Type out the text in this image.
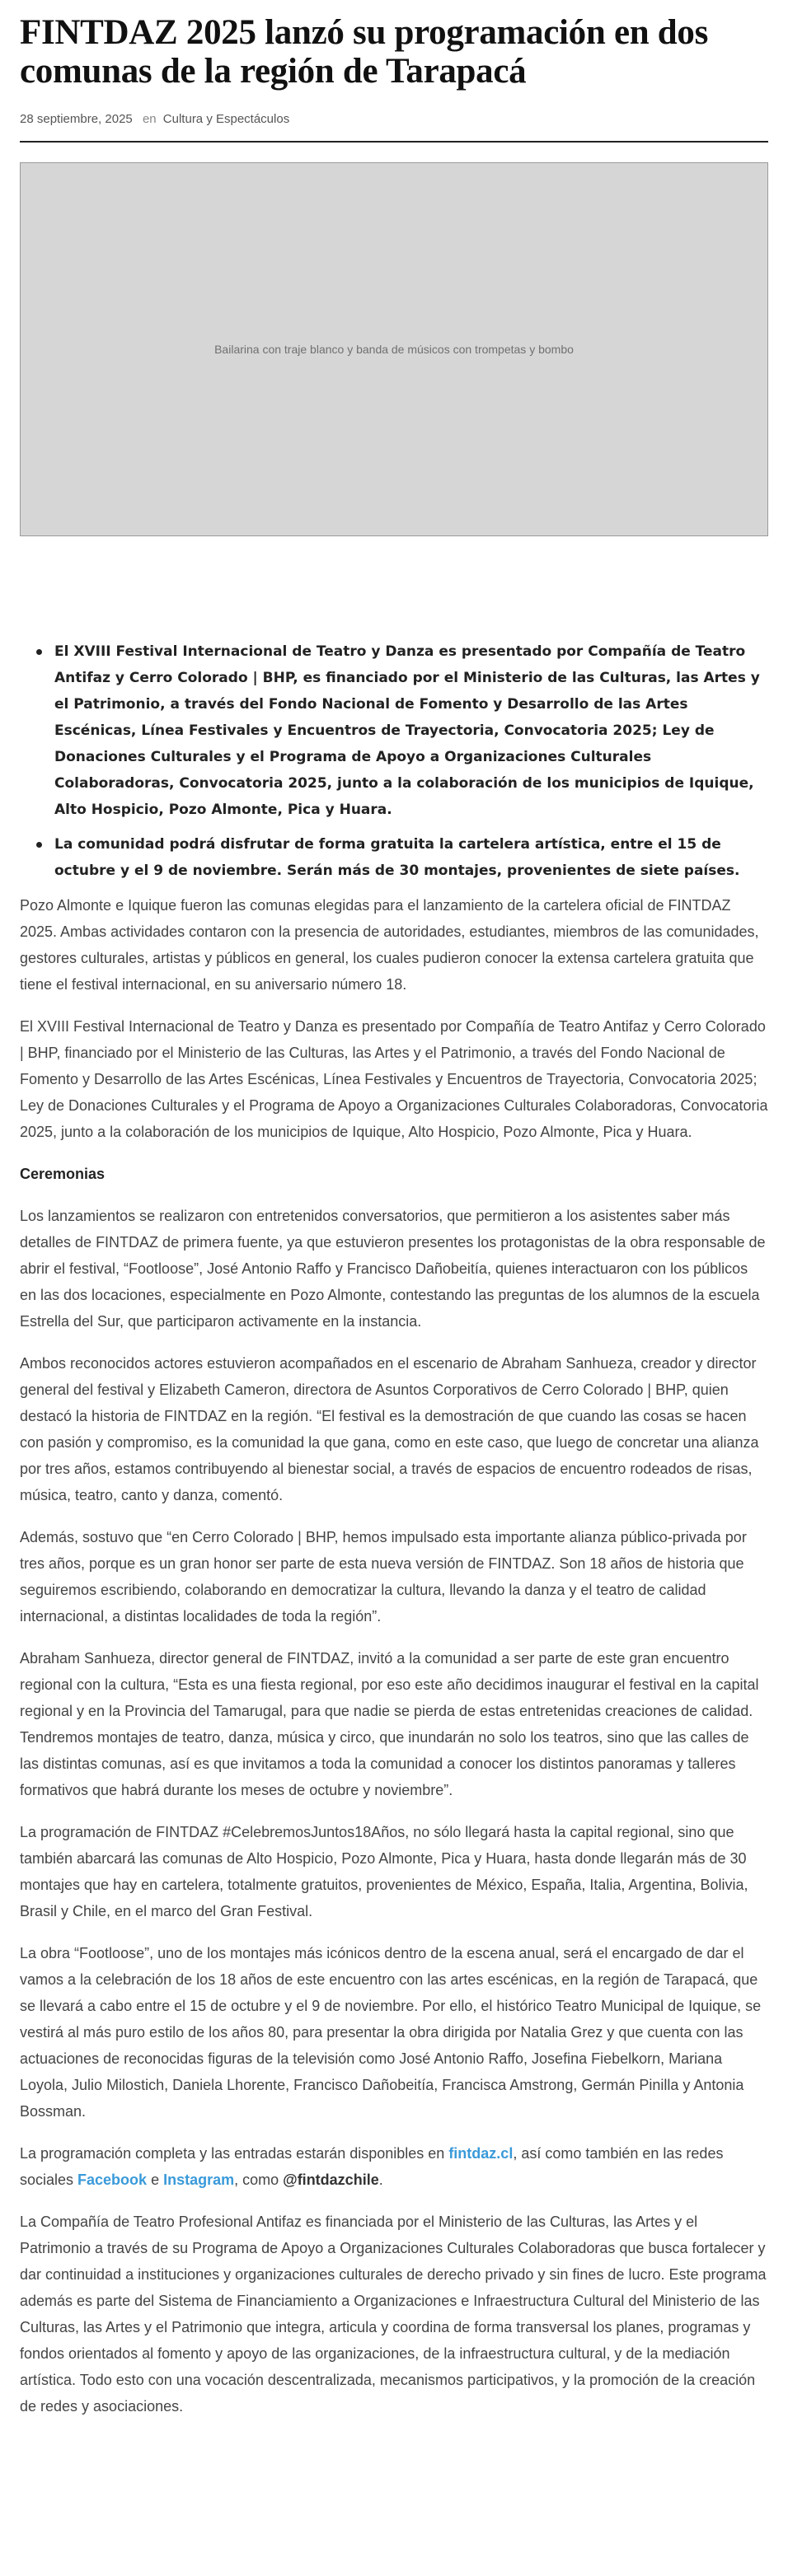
FINTDAZ 2025 lanzó su programación en dos comunas de la región de Tarapacá
28 septiembre, 2025 en Cultura y Espectáculos
Bailarina con traje blanco y banda de músicos con trompetas y bombo
El XVIII Festival Internacional de Teatro y Danza es presentado por Compañía de Teatro Antifaz y Cerro Colorado | BHP, es financiado por el Ministerio de las Culturas, las Artes y el Patrimonio, a través del Fondo Nacional de Fomento y Desarrollo de las Artes Escénicas, Línea Festivales y Encuentros de Trayectoria, Convocatoria 2025; Ley de Donaciones Culturales y el Programa de Apoyo a Organizaciones Culturales Colaboradoras, Convocatoria 2025, junto a la colaboración de los municipios de Iquique, Alto Hospicio, Pozo Almonte, Pica y Huara.
La comunidad podrá disfrutar de forma gratuita la cartelera artística, entre el 15 de octubre y el 9 de noviembre. Serán más de 30 montajes, provenientes de siete países.

Pozo Almonte e Iquique fueron las comunas elegidas para el lanzamiento de la cartelera oficial de FINTDAZ 2025. Ambas actividades contaron con la presencia de autoridades, estudiantes, miembros de las comunidades, gestores culturales, artistas y públicos en general, los cuales pudieron conocer la extensa cartelera gratuita que tiene el festival internacional, en su aniversario número 18.

El XVIII Festival Internacional de Teatro y Danza es presentado por Compañía de Teatro Antifaz y Cerro Colorado | BHP, financiado por el Ministerio de las Culturas, las Artes y el Patrimonio, a través del Fondo Nacional de Fomento y Desarrollo de las Artes Escénicas, Línea Festivales y Encuentros de Trayectoria, Convocatoria 2025; Ley de Donaciones Culturales y el Programa de Apoyo a Organizaciones Culturales Colaboradoras, Convocatoria 2025, junto a la colaboración de los municipios de Iquique, Alto Hospicio, Pozo Almonte, Pica y Huara.

Ceremonias

Los lanzamientos se realizaron con entretenidos conversatorios, que permitieron a los asistentes saber más detalles de FINTDAZ de primera fuente, ya que estuvieron presentes los protagonistas de la obra responsable de abrir el festival, “Footloose”, José Antonio Raffo y Francisco Dañobeitía, quienes interactuaron con los públicos en las dos locaciones, especialmente en Pozo Almonte, contestando las preguntas de los alumnos de la escuela Estrella del Sur, que participaron activamente en la instancia.

Ambos reconocidos actores estuvieron acompañados en el escenario de Abraham Sanhueza, creador y director general del festival y Elizabeth Cameron, directora de Asuntos Corporativos de Cerro Colorado | BHP, quien destacó la historia de FINTDAZ en la región. “El festival es la demostración de que cuando las cosas se hacen con pasión y compromiso, es la comunidad la que gana, como en este caso, que luego de concretar una alianza por tres años, estamos contribuyendo al bienestar social, a través de espacios de encuentro rodeados de risas, música, teatro, canto y danza, comentó.

Además, sostuvo que “en Cerro Colorado | BHP, hemos impulsado esta importante alianza público-privada por tres años, porque es un gran honor ser parte de esta nueva versión de FINTDAZ. Son 18 años de historia que seguiremos escribiendo, colaborando en democratizar la cultura, llevando la danza y el teatro de calidad internacional, a distintas localidades de toda la región”.

Abraham Sanhueza, director general de FINTDAZ, invitó a la comunidad a ser parte de este gran encuentro regional con la cultura, “Esta es una fiesta regional, por eso este año decidimos inaugurar el festival en la capital regional y en la Provincia del Tamarugal, para que nadie se pierda de estas entretenidas creaciones de calidad. Tendremos montajes de teatro, danza, música y circo, que inundarán no solo los teatros, sino que las calles de las distintas comunas, así es que invitamos a toda la comunidad a conocer los distintos panoramas y talleres formativos que habrá durante los meses de octubre y noviembre”.

La programación de FINTDAZ #CelebremosJuntos18Años, no sólo llegará hasta la capital regional, sino que también abarcará las comunas de Alto Hospicio, Pozo Almonte, Pica y Huara, hasta donde llegarán más de 30 montajes que hay en cartelera, totalmente gratuitos, provenientes de México, España, Italia, Argentina, Bolivia, Brasil y Chile, en el marco del Gran Festival.

La obra “Footloose”, uno de los montajes más icónicos dentro de la escena anual, será el encargado de dar el vamos a la celebración de los 18 años de este encuentro con las artes escénicas, en la región de Tarapacá, que se llevará a cabo entre el 15 de octubre y el 9 de noviembre. Por ello, el histórico Teatro Municipal de Iquique, se vestirá al más puro estilo de los años 80, para presentar la obra dirigida por Natalia Grez y que cuenta con las actuaciones de reconocidas figuras de la televisión como José Antonio Raffo, Josefina Fiebelkorn, Mariana Loyola, Julio Milostich, Daniela Lhorente, Francisco Dañobeitía, Francisca Amstrong, Germán Pinilla y Antonia Bossman.

La programación completa y las entradas estarán disponibles en fintdaz.cl, así como también en las redes sociales Facebook e Instagram, como @fintdazchile.

La Compañía de Teatro Profesional Antifaz es financiada por el Ministerio de las Culturas, las Artes y el Patrimonio a través de su Programa de Apoyo a Organizaciones Culturales Colaboradoras que busca fortalecer y dar continuidad a instituciones y organizaciones culturales de derecho privado y sin fines de lucro. Este programa además es parte del Sistema de Financiamiento a Organizaciones e Infraestructura Cultural del Ministerio de las Culturas, las Artes y el Patrimonio que integra, articula y coordina de forma transversal los planes, programas y fondos orientados al fomento y apoyo de las organizaciones, de la infraestructura cultural, y de la mediación artística. Todo esto con una vocación descentralizada, mecanismos participativos, y la promoción de la creación de redes y asociaciones.
